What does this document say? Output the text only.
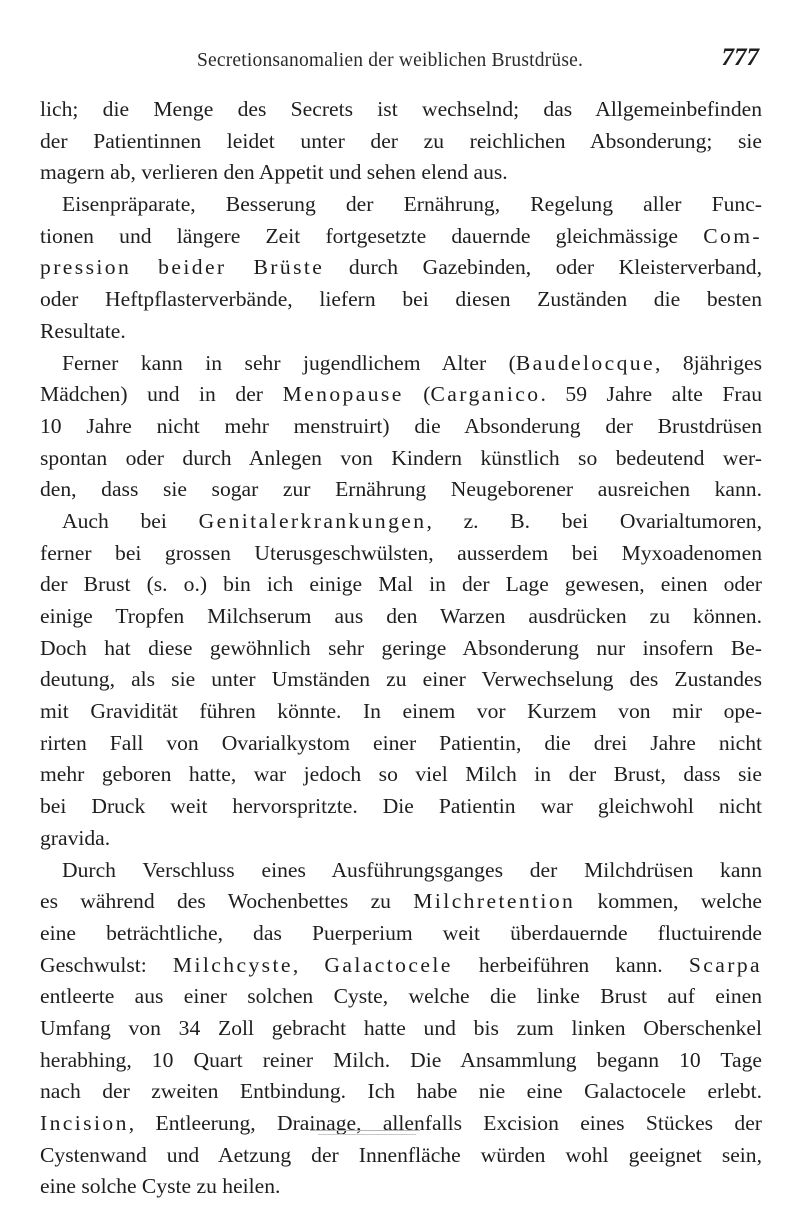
Secretionsanomalien der weiblichen Brustdrüse.	777
lich; die Menge des Secrets ist wechselnd; das Allgemeinbefinden
der Patientinnen leidet unter der zu reichlichen Absonderung; sie
magern ab, verlieren den Appetit und sehen elend aus.
Eisenpräparate, Besserung der Ernährung, Regelung aller Func-
tionen und längere Zeit fortgesetzte dauernde gleichmässige Com-
pression beider Brüste durch Gazebinden, oder Kleisterverband,
oder Heftpflasterverbände, liefern bei diesen Zuständen die besten
Resultate.
Ferner kann in sehr jugendlichem Alter (Baudelocque, 8jähriges
Mädchen) und in der Menopause (Carganico. 59 Jahre alte Frau
10 Jahre nicht mehr menstruirt) die Absonderung der Brustdrüsen
spontan oder durch Anlegen von Kindern künstlich so bedeutend wer-
den, dass sie sogar zur Ernährung Neugeborener ausreichen kann.
Auch bei Genitalerkrankungen, z. B. bei Ovarialtumoren,
ferner bei grossen Uterusgeschwülsten, ausserdem bei Myxoadenomen
der Brust (s. o.) bin ich einige Mal in der Lage gewesen, einen oder
einige Tropfen Milchserum aus den Warzen ausdrücken zu können.
Doch hat diese gewöhnlich sehr geringe Absonderung nur insofern Be-
deutung, als sie unter Umständen zu einer Verwechselung des Zustandes
mit Gravidität führen könnte. In einem vor Kurzem von mir ope-
rirten Fall von Ovarialkystom einer Patientin, die drei Jahre nicht
mehr geboren hatte, war jedoch so viel Milch in der Brust, dass sie
bei Druck weit hervorspritzte. Die Patientin war gleichwohl nicht
gravida.
Durch Verschluss eines Ausführungsganges der Milchdrüsen kann
es während des Wochenbettes zu Milchretention kommen, welche
eine beträchtliche, das Puerperium weit überdauernde fluctuirende
Geschwulst: Milchcyste, Galactocele herbeiführen kann. Scarpa
entleerte aus einer solchen Cyste, welche die linke Brust auf einen
Umfang von 34 Zoll gebracht hatte und bis zum linken Oberschenkel
herabhing, 10 Quart reiner Milch. Die Ansammlung begann 10 Tage
nach der zweiten Entbindung. Ich habe nie eine Galactocele erlebt.
Incision, Entleerung, Drainage, allenfalls Excision eines Stückes der
Cystenwand und Aetzung der Innenfläche würden wohl geeignet sein,
eine solche Cyste zu heilen.
